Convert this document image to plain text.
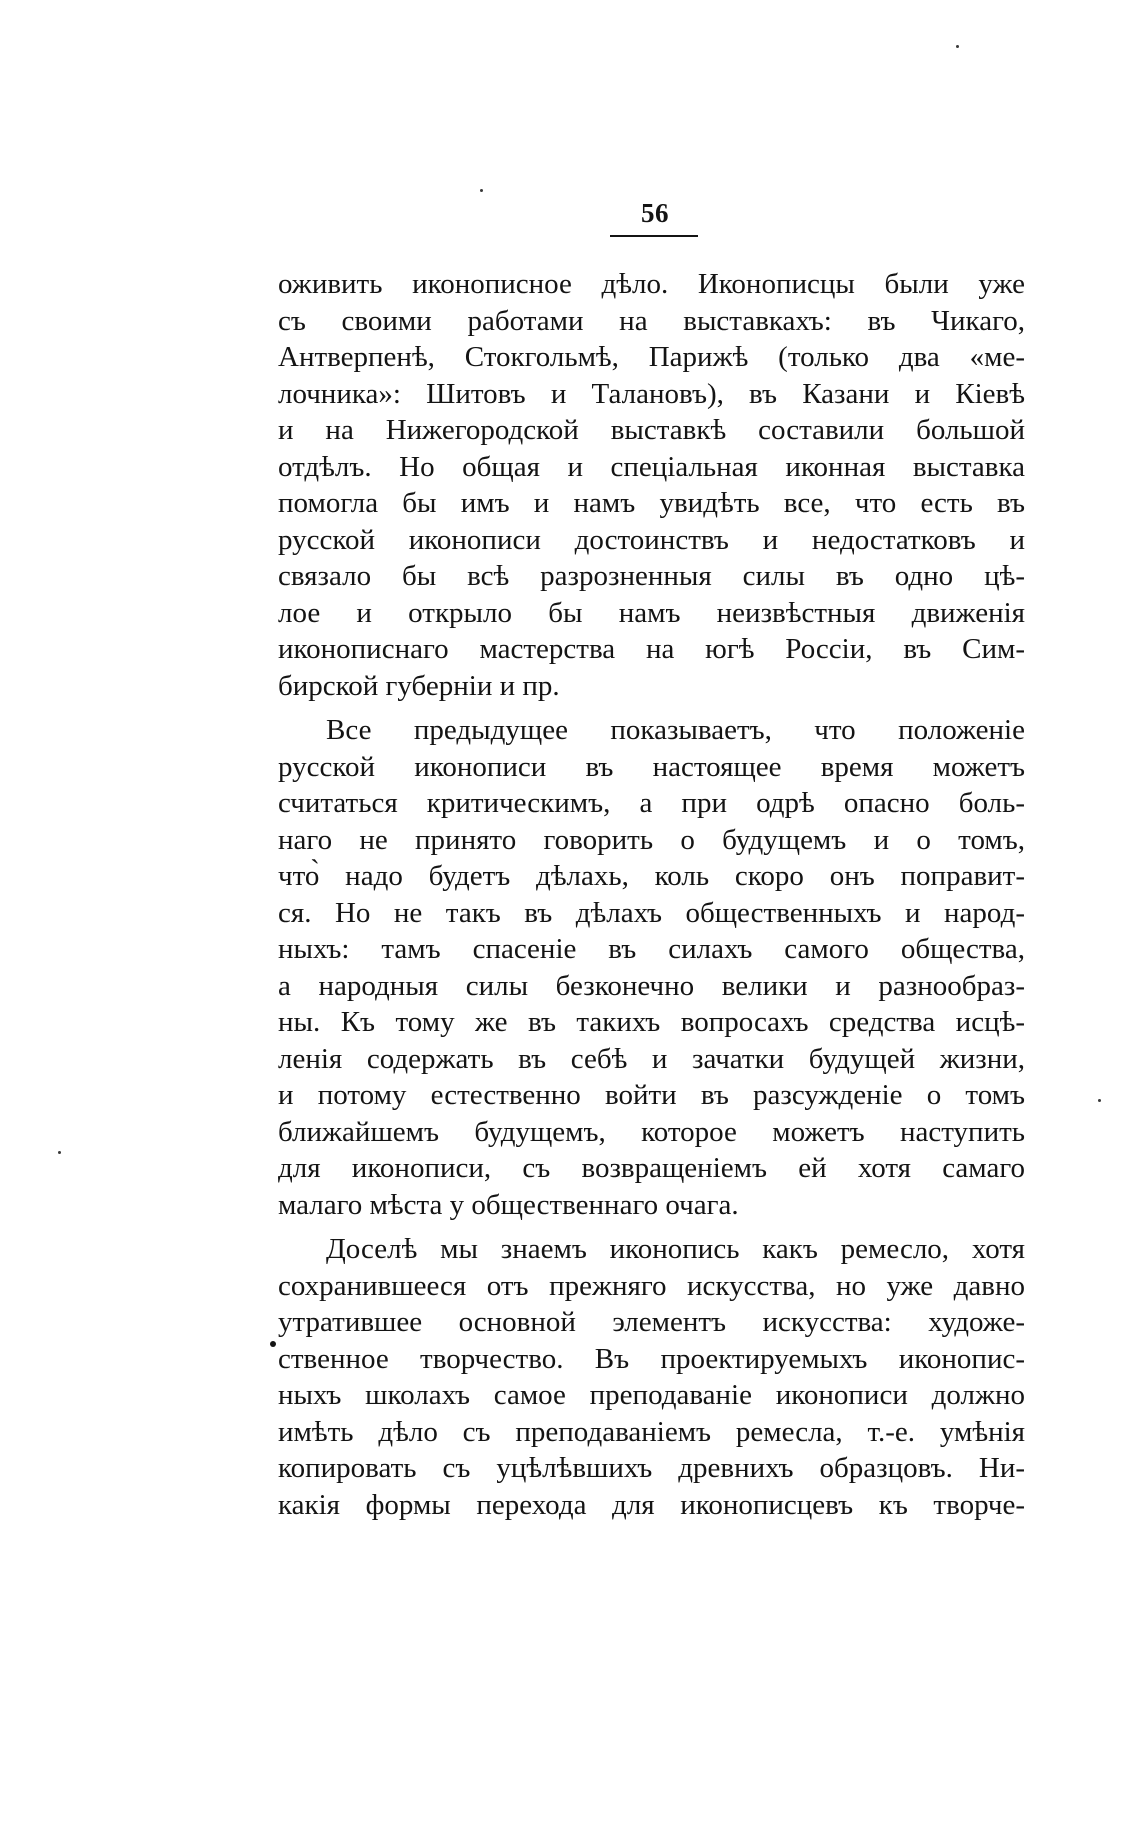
56
оживить иконописное дѣло. Иконописцы были уже
съ своими работами на выставкахъ: въ Чикаго,
Антверпенѣ, Стокгольмѣ, Парижѣ (только два «ме-
лочника»: Шитовъ и Талановъ), въ Казани и Кіевѣ
и на Нижегородской выставкѣ составили большой
отдѣлъ. Но общая и спеціальная иконная выставка
помогла бы имъ и намъ увидѣть все, что есть въ
русской иконописи достоинствъ и недостатковъ и
связало бы всѣ разрозненныя силы въ одно цѣ-
лое и открыло бы намъ неизвѣстныя движенія
иконописнаго мастерства на югѣ Россіи, въ Сим-
бирской губерніи и пр.
Все предыдущее показываетъ, что положеніе
русской иконописи въ настоящее время можетъ
считаться критическимъ, а при одрѣ опасно боль-
наго не принято говорить о будущемъ и о томъ,
что̀ надо будетъ дѣлахь, коль скоро онъ поправит-
ся. Но не такъ въ дѣлахъ общественныхъ и народ-
ныхъ: тамъ спасеніе въ силахъ самого общества,
а народныя силы безконечно велики и разнообраз-
ны. Къ тому же въ такихъ вопросахъ средства исцѣ-
ленія содержать въ себѣ и зачатки будущей жизни,
и потому естественно войти въ разсужденіе о томъ
ближайшемъ будущемъ, которое можетъ наступить
для иконописи, съ возвращеніемъ ей хотя самаго
малаго мѣста у общественнаго очага.
Доселѣ мы знаемъ иконопись какъ ремесло, хотя
сохранившееся отъ прежняго искусства, но уже давно
утратившее основной элементъ искусства: художе-
ственное творчество. Въ проектируемыхъ иконопис-
ныхъ школахъ самое преподаваніе иконописи должно
имѣть дѣло съ преподаваніемъ ремесла, т.-е. умѣнія
копировать съ уцѣлѣвшихъ древнихъ образцовъ. Ни-
какія формы перехода для иконописцевъ къ творче-
